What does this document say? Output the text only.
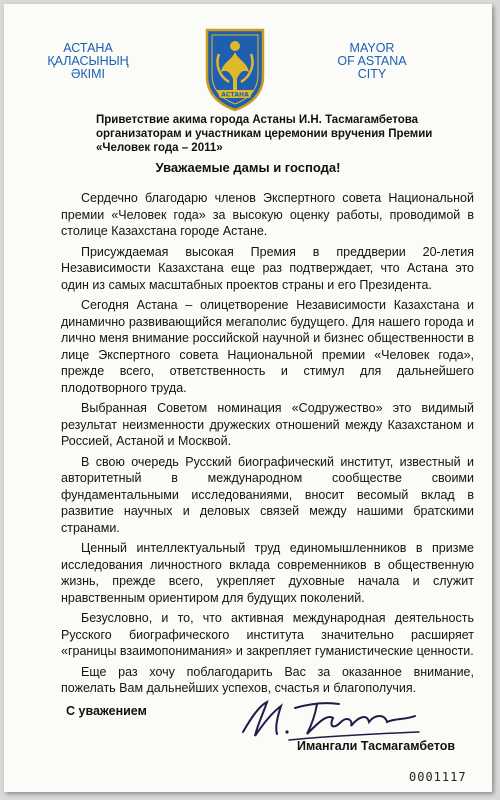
АСТАНА
ҚАЛАСЫНЫҢ
ӘКІМІ
АСТАНА
MAYOR
OF ASTANA
CITY
Приветствие акима города Астаны И.Н. Тасмагамбетова организаторам и участникам церемонии вручения Премии «Человек года – 2011»
Уважаемые дамы и господа!

Сердечно благодарю членов Экспертного совета Национальной премии «Человек года» за высокую оценку работы, проводимой в столице Казахстана городе Астане.

Присуждаемая высокая Премия в преддверии 20-летия Независимости Казахстана еще раз подтверждает, что Астана это один из самых масштабных проектов страны и его Президента.

Сегодня Астана – олицетворение Независимости Казахстана и динамично развивающийся мегаполис будущего. Для нашего города и лично меня внимание российской научной и бизнес общественности в лице Экспертного совета Национальной премии «Человек года», прежде всего, ответственность и стимул для дальнейшего плодотворного труда.

Выбранная Советом номинация «Содружество» это видимый результат неизменности дружеских отношений между Казахстаном и Россией, Астаной и Москвой.

В свою очередь Русский биографический институт, известный и авторитетный в международном сообществе своими фундаментальными исследованиями, вносит весомый вклад в развитие научных и деловых связей между нашими братскими странами.

Ценный интеллектуальный труд единомышленников в призме исследования личностного вклада современников в общественную жизнь, прежде всего, укрепляет духовные начала и служит нравственным ориентиром для будущих поколений.

Безусловно, и то, что активная международная деятельность Русского биографического института значительно расширяет «границы взаимопонимания» и закрепляет гуманистические ценности.

Еще раз хочу поблагодарить Вас за оказанное внимание, пожелать Вам дальнейших успехов, счастья и благополучия.

С уважением
Имангали Тасмагамбетов
0001117
